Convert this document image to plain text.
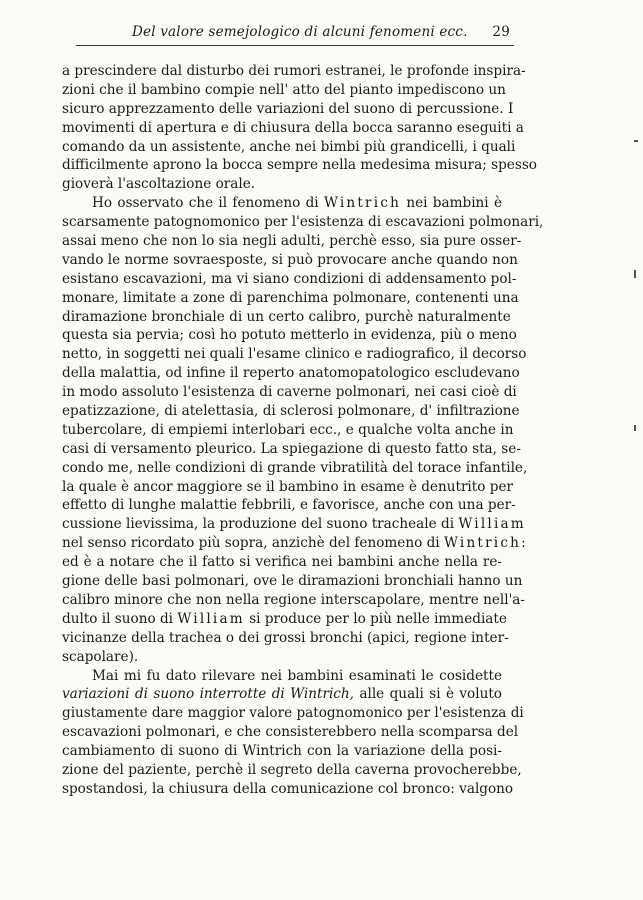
Del valore semejologico di alcuni fenomeni ecc. 29
a prescindere dal disturbo dei rumori estranei, le profonde inspira-
zioni che il bambino compie nell' atto del pianto impediscono un
sicuro apprezzamento delle variazioni del suono di percussione. I
movimenti di apertura e di chiusura della bocca saranno eseguiti a
comando da un assistente, anche nei bimbi più grandicelli, i quali
difficilmente aprono la bocca sempre nella medesima misura; spesso
gioverà l'ascoltazione orale.
Ho osservato che il fenomeno di Wintrich nei bambini è
scarsamente patognomonico per l'esistenza di escavazioni polmonari,
assai meno che non lo sia negli adulti, perchè esso, sia pure osser-
vando le norme sovraesposte, si può provocare anche quando non
esistano escavazioni, ma vi siano condizioni di addensamento pol-
monare, limitate a zone di parenchima polmonare, contenenti una
diramazione bronchiale di un certo calibro, purchè naturalmente
questa sia pervia; così ho potuto metterlo in evidenza, più o meno
netto, in soggetti nei quali l'esame clinico e radiografico, il decorso
della malattia, od infine il reperto anatomopatologico escludevano
in modo assoluto l'esistenza di caverne polmonari, nei casi cioè di
epatizzazione, di atelettasia, di sclerosi polmonare, d' infiltrazione
tubercolare, di empiemi interlobari ecc., e qualche volta anche in
casi di versamento pleurico. La spiegazione di questo fatto sta, se-
condo me, nelle condizioni di grande vibratilità del torace infantile,
la quale è ancor maggiore se il bambino in esame è denutrito per
effetto di lunghe malattie febbrili, e favorisce, anche con una per-
cussione lievissima, la produzione del suono tracheale di William
nel senso ricordato più sopra, anzichè del fenomeno di Wintrich:
ed è a notare che il fatto si verifica nei bambini anche nella re-
gione delle basi polmonari, ove le diramazioni bronchiali hanno un
calibro minore che non nella regione interscapolare, mentre nell'a-
dulto il suono di William si produce per lo più nelle immediate
vicinanze della trachea o dei grossi bronchi (apici, regione inter-
scapolare).
Mai mi fu dato rilevare nei bambini esaminati le cosidette
variazioni di suono interrotte di Wintrich, alle quali si è voluto
giustamente dare maggior valore patognomonico per l'esistenza di
escavazioni polmonari, e che consisterebbero nella scomparsa del
cambiamento di suono di Wintrich con la variazione della posi-
zione del paziente, perchè il segreto della caverna provocherebbe,
spostandosi, la chiusura della comunicazione col bronco: valgono
